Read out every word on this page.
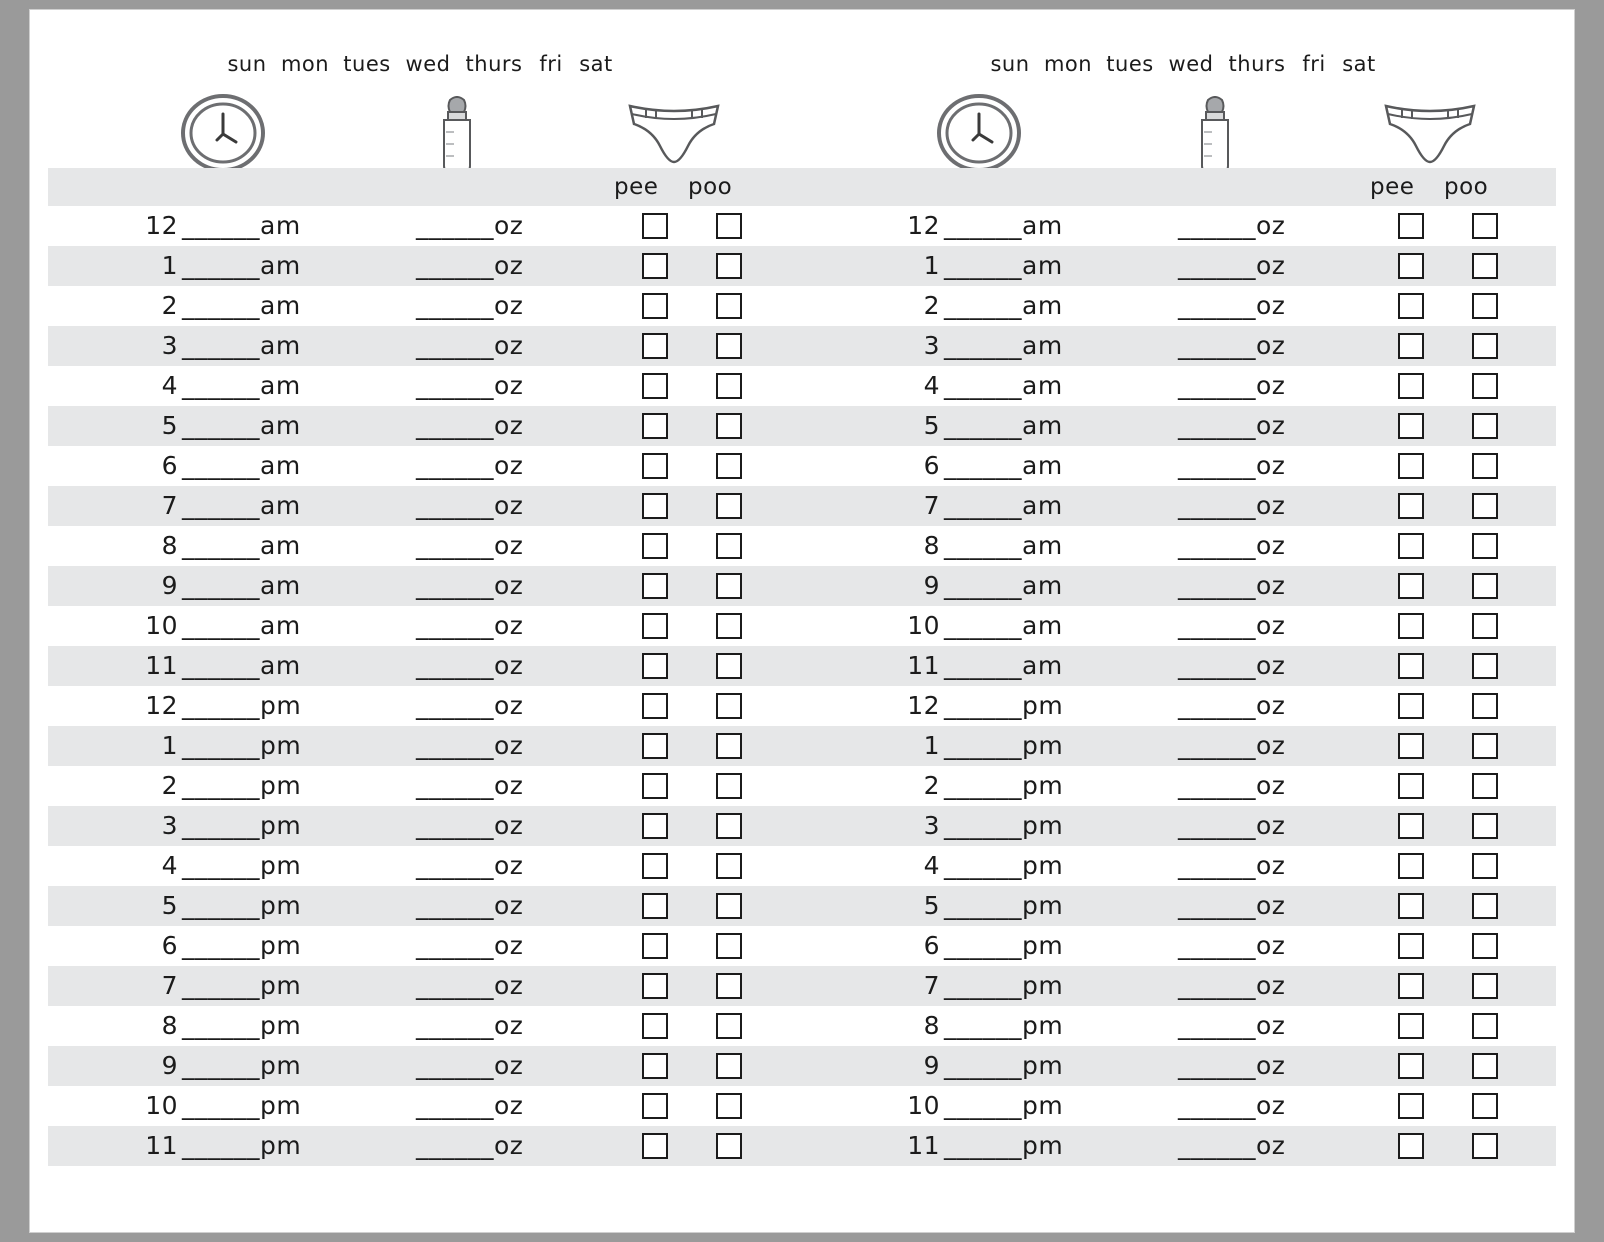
sun mon tues wed thurs fri sat	sun mon tues wed thurs fri sat
pee poo	pee poo
12 ______am	______oz	12 ______am	______oz
1 ______am	______oz	1 ______am	______oz
2 ______am	______oz	2 ______am	______oz
3 ______am	______oz	3 ______am	______oz
4 ______am	______oz	4 ______am	______oz
5 ______am	______oz	5 ______am	______oz
6 ______am	______oz	6 ______am	______oz
7 ______am	______oz	7 ______am	______oz
8 ______am	______oz	8 ______am	______oz
9 ______am	______oz	9 ______am	______oz
10 ______am	______oz	10 ______am	______oz
11 ______am	______oz	11 ______am	______oz
12 ______pm	______oz	12 ______pm	______oz
1 ______pm	______oz	1 ______pm	______oz
2 ______pm	______oz	2 ______pm	______oz
3 ______pm	______oz	3 ______pm	______oz
4 ______pm	______oz	4 ______pm	______oz
5 ______pm	______oz	5 ______pm	______oz
6 ______pm	______oz	6 ______pm	______oz
7 ______pm	______oz	7 ______pm	______oz
8 ______pm	______oz	8 ______pm	______oz
9 ______pm	______oz	9 ______pm	______oz
10 ______pm	______oz	10 ______pm	______oz
11 ______pm	______oz	11 ______pm	______oz
